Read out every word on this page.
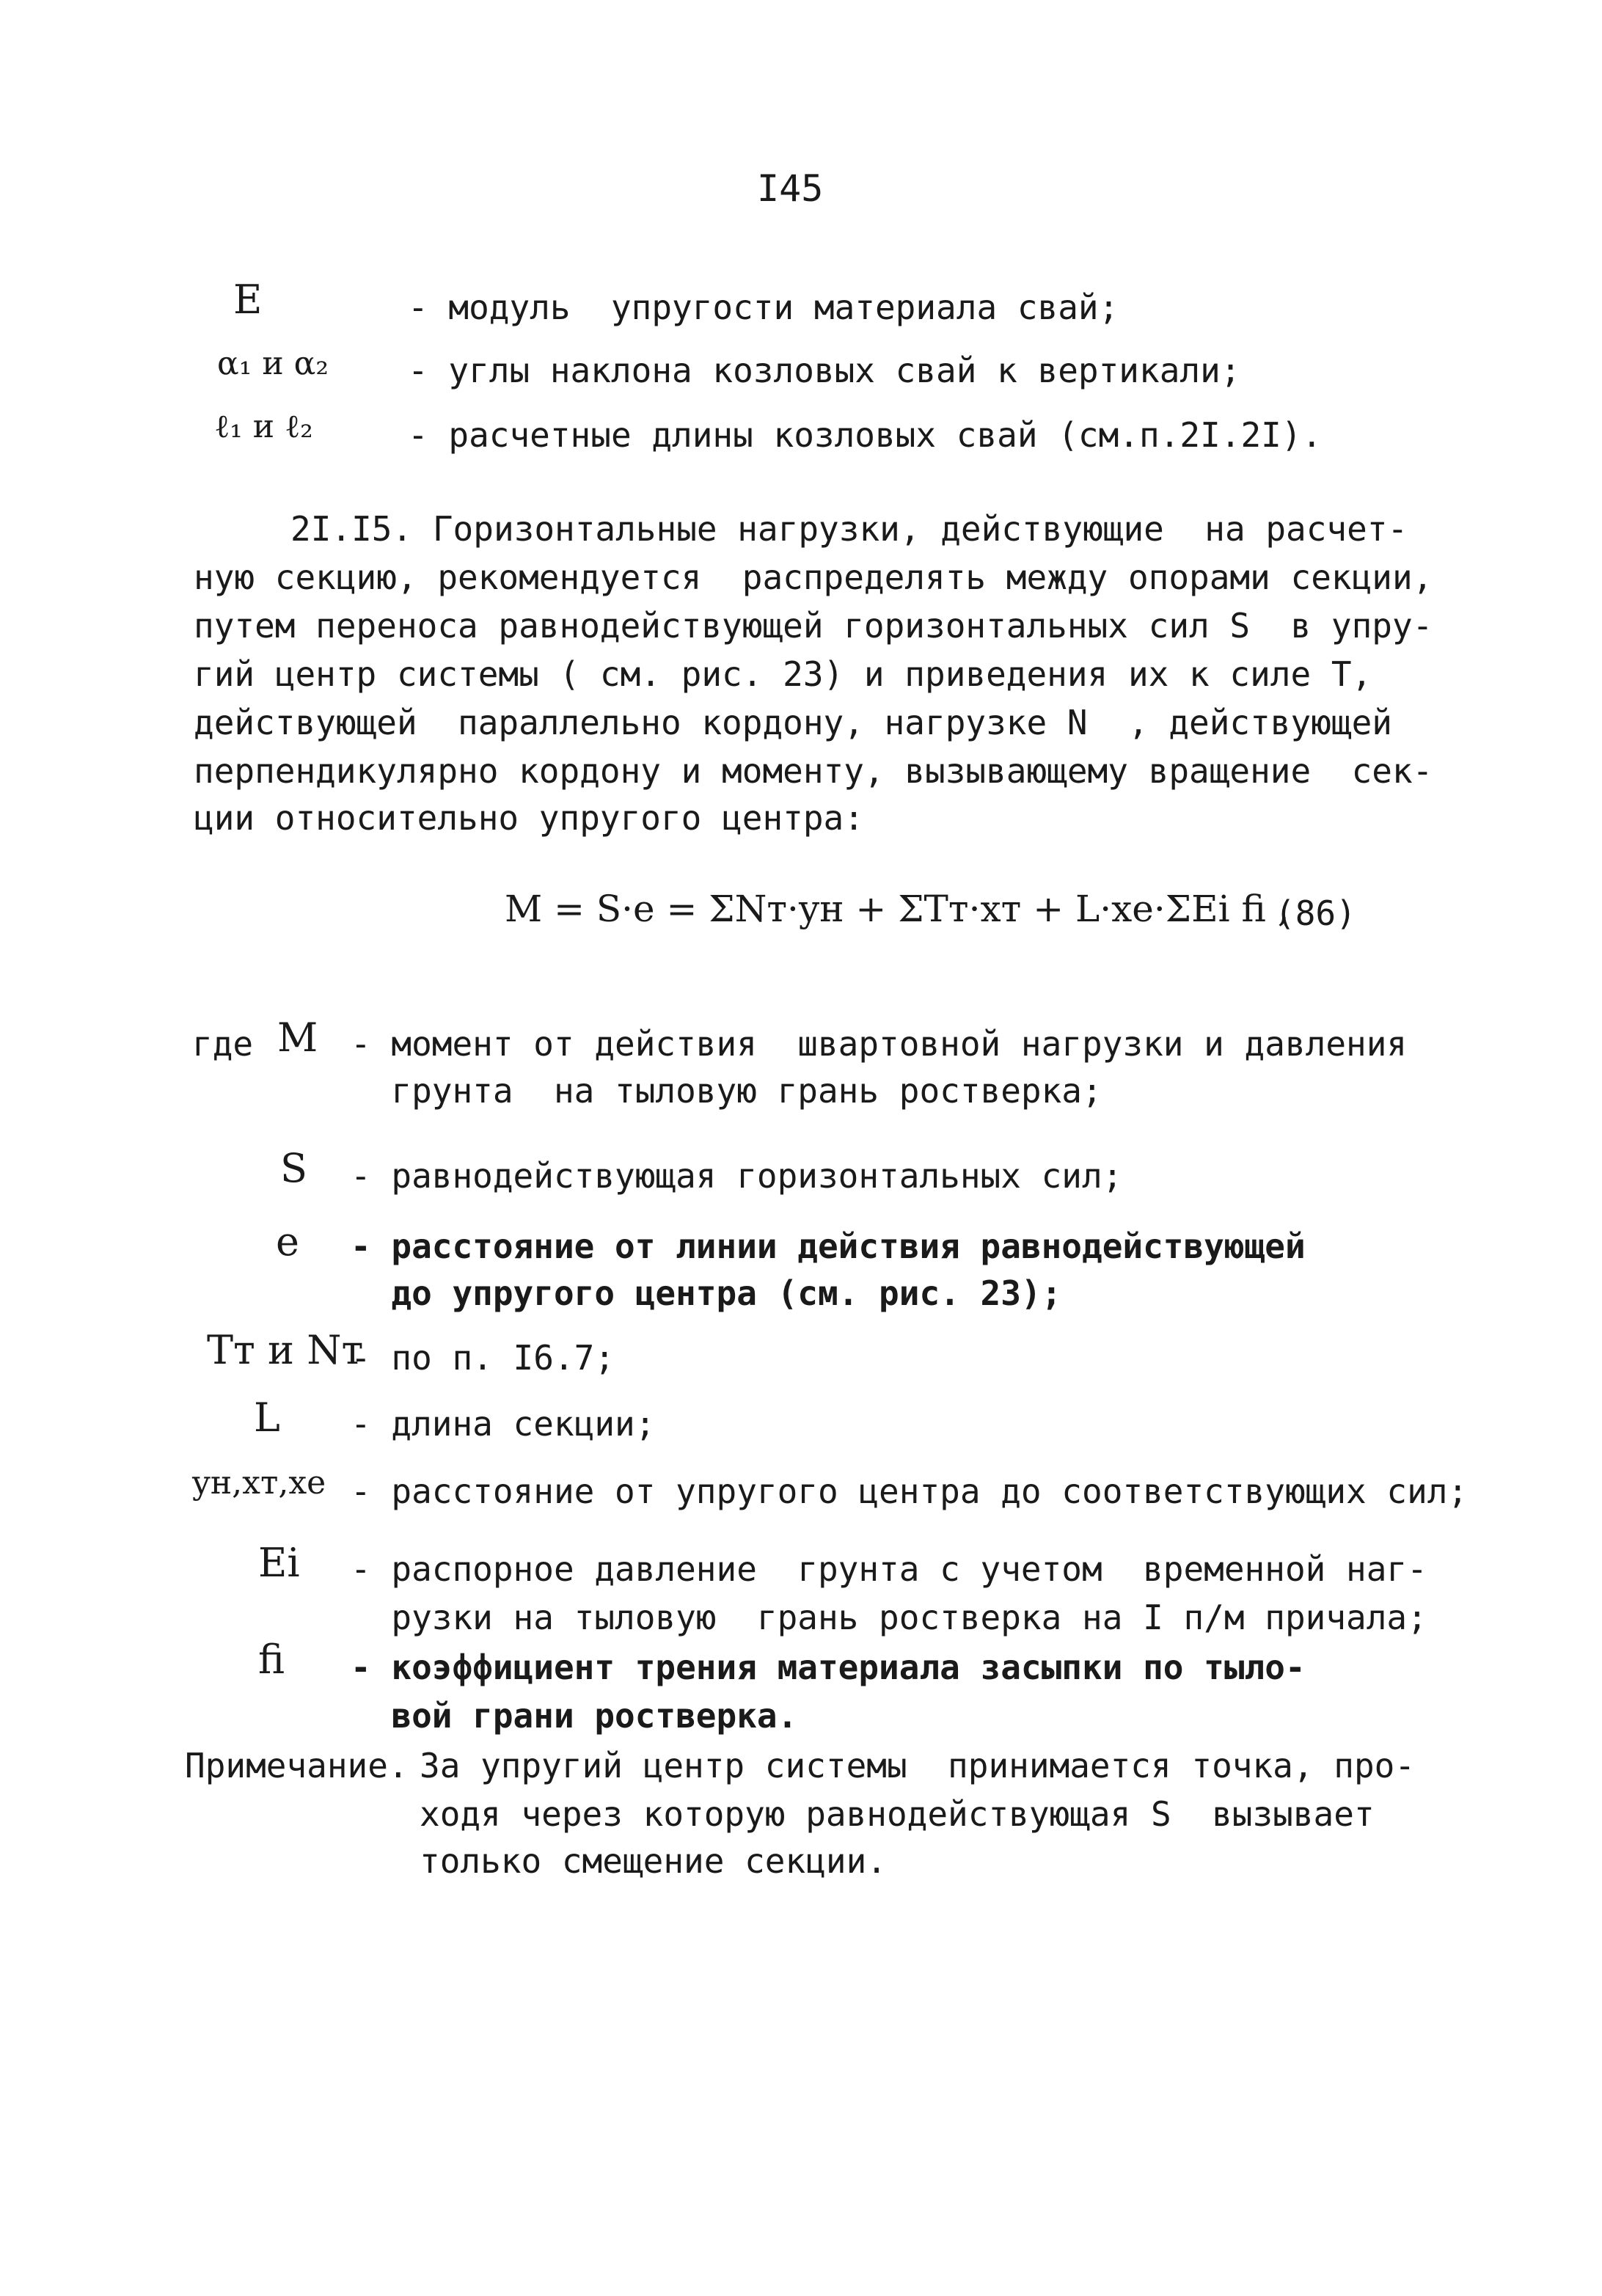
I45
E	- модуль  упругости материала свай;
α₁ и α₂ - углы наклона козловых свай к вертикали;
ℓ₁ и ℓ₂	- расчетные длины козловых свай (см.п.2I.2I).
2I.I5. Горизонтальные нагрузки, действующие  на расчет-
ную секцию, рекомендуется  распределять между опорами секции,
путем переноса равнодействующей горизонтальных сил S  в упру-
гий центр системы ( см. рис. 23) и приведения их к силе Т,
действующей  параллельно кордону, нагрузке N  , действующей
перпендикулярно кордону и моменту, вызывающему вращение  сек-
ции относительно упругого центра:
M = S·e = ΣNт·yн + ΣTт·xт + L·xe·ΣEi fi ,
(86)
где M - момент от действия  швартовной нагрузки и давления
грунта  на тыловую грань ростверка;
S - равнодействующая горизонтальных сил;
e - расстояние от линии действия равнодействующей
до упругого центра (см. рис. 23);
Тт и Nт
- по п. I6.7;
L - длина секции;
yн,xт,xe - расстояние от упругого центра до соответствующих сил;
Ei - распорное давление  грунта с учетом  временной наг-
рузки на тыловую  грань ростверка на I п/м причала;
fi - коэффициент трения материала засыпки по тыло-
вой грани ростверка.
Примечание. За упругий центр системы  принимается точка, про-
ходя через которую равнодействующая S  вызывает
только смещение секции.
